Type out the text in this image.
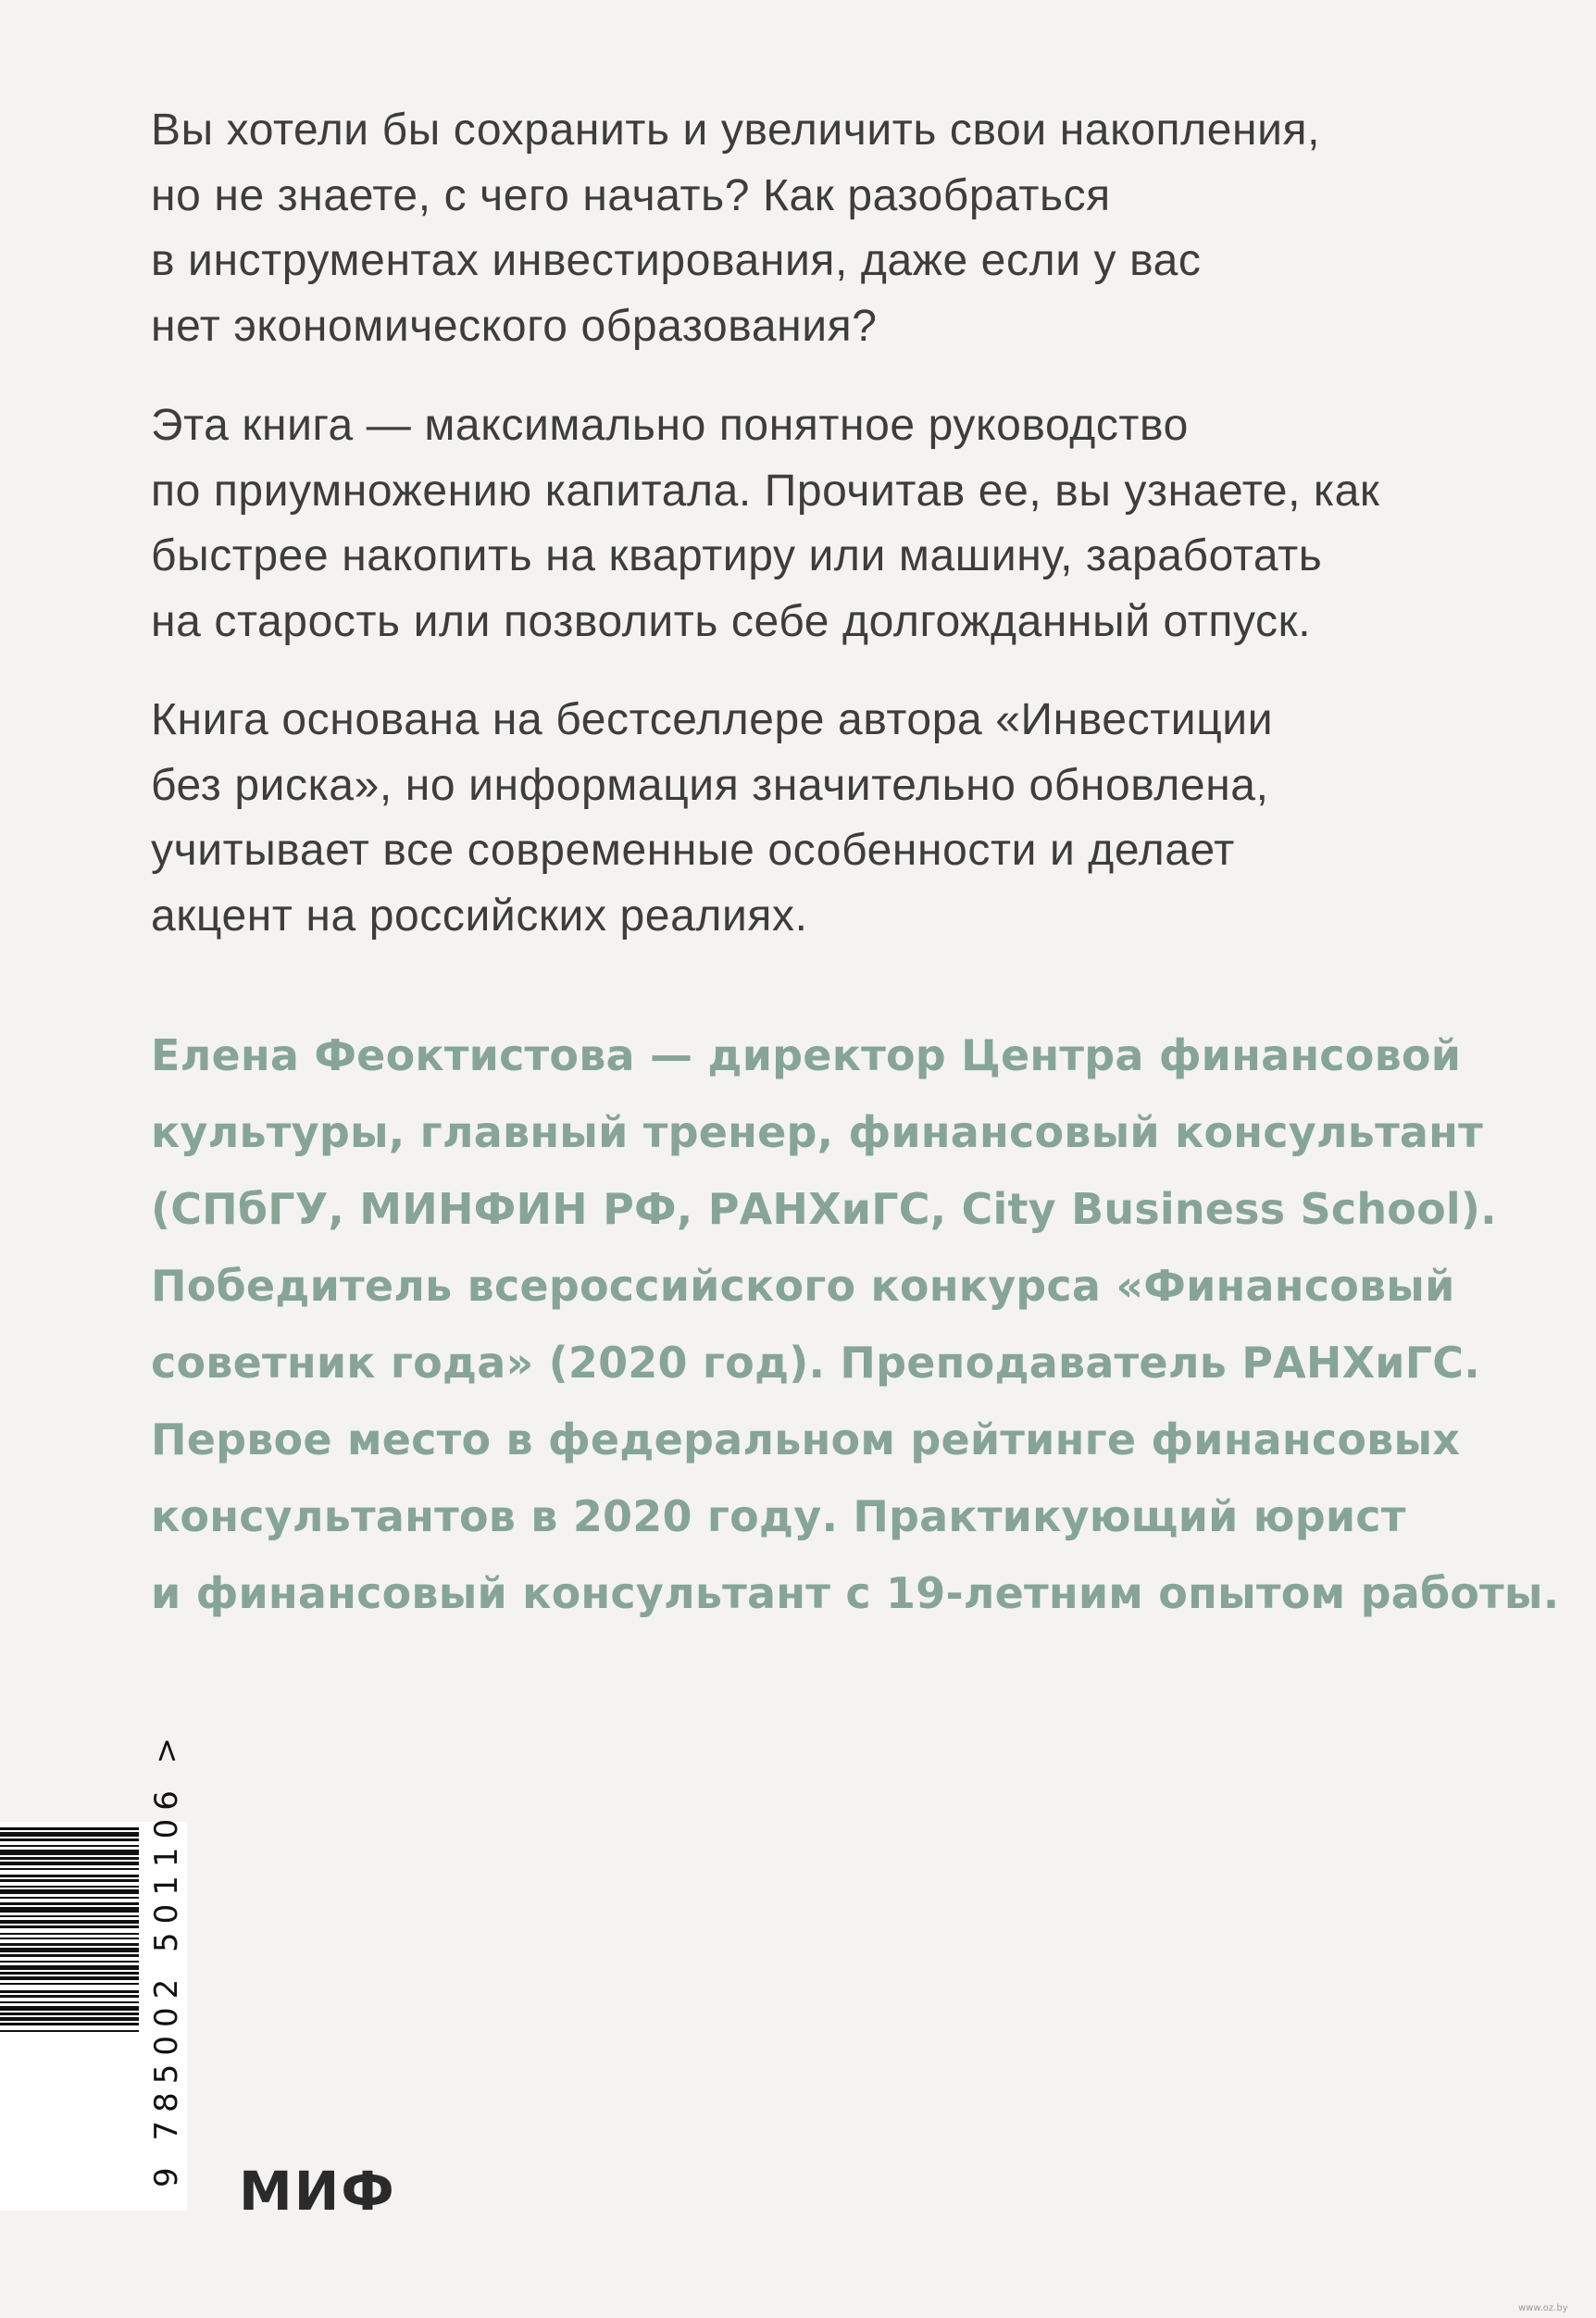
Вы хотели бы сохранить и увеличить свои накопления,
но не знаете, с чего начать? Как разобраться
в инструментах инвестирования, даже если у вас
нет экономического образования?
Эта книга — максимально понятное руководство
по приумножению капитала. Прочитав ее, вы узнаете, как
быстрее накопить на квартиру или машину, заработать
на старость или позволить себе долгожданный отпуск.
Книга основана на бестселлере автора «Инвестиции
без риска», но информация значительно обновлена,
учитывает все современные особенности и делает
акцент на российских реалиях.
Елена Феоктистова — директор Центра финансовой
культуры, главный тренер, финансовый консультант
(СПбГУ, МИНФИН РФ, РАНХиГС, City Business School).
Победитель всероссийского конкурса «Финансовый
советник года» (2020 год). Преподаватель РАНХиГС.
Первое место в федеральном рейтинге финансовых
консультантов в 2020 году. Практикующий юрист
и финансовый консультант с 19-летним опытом работы.
9 785002 501106 >
МИФ
www.oz.by
